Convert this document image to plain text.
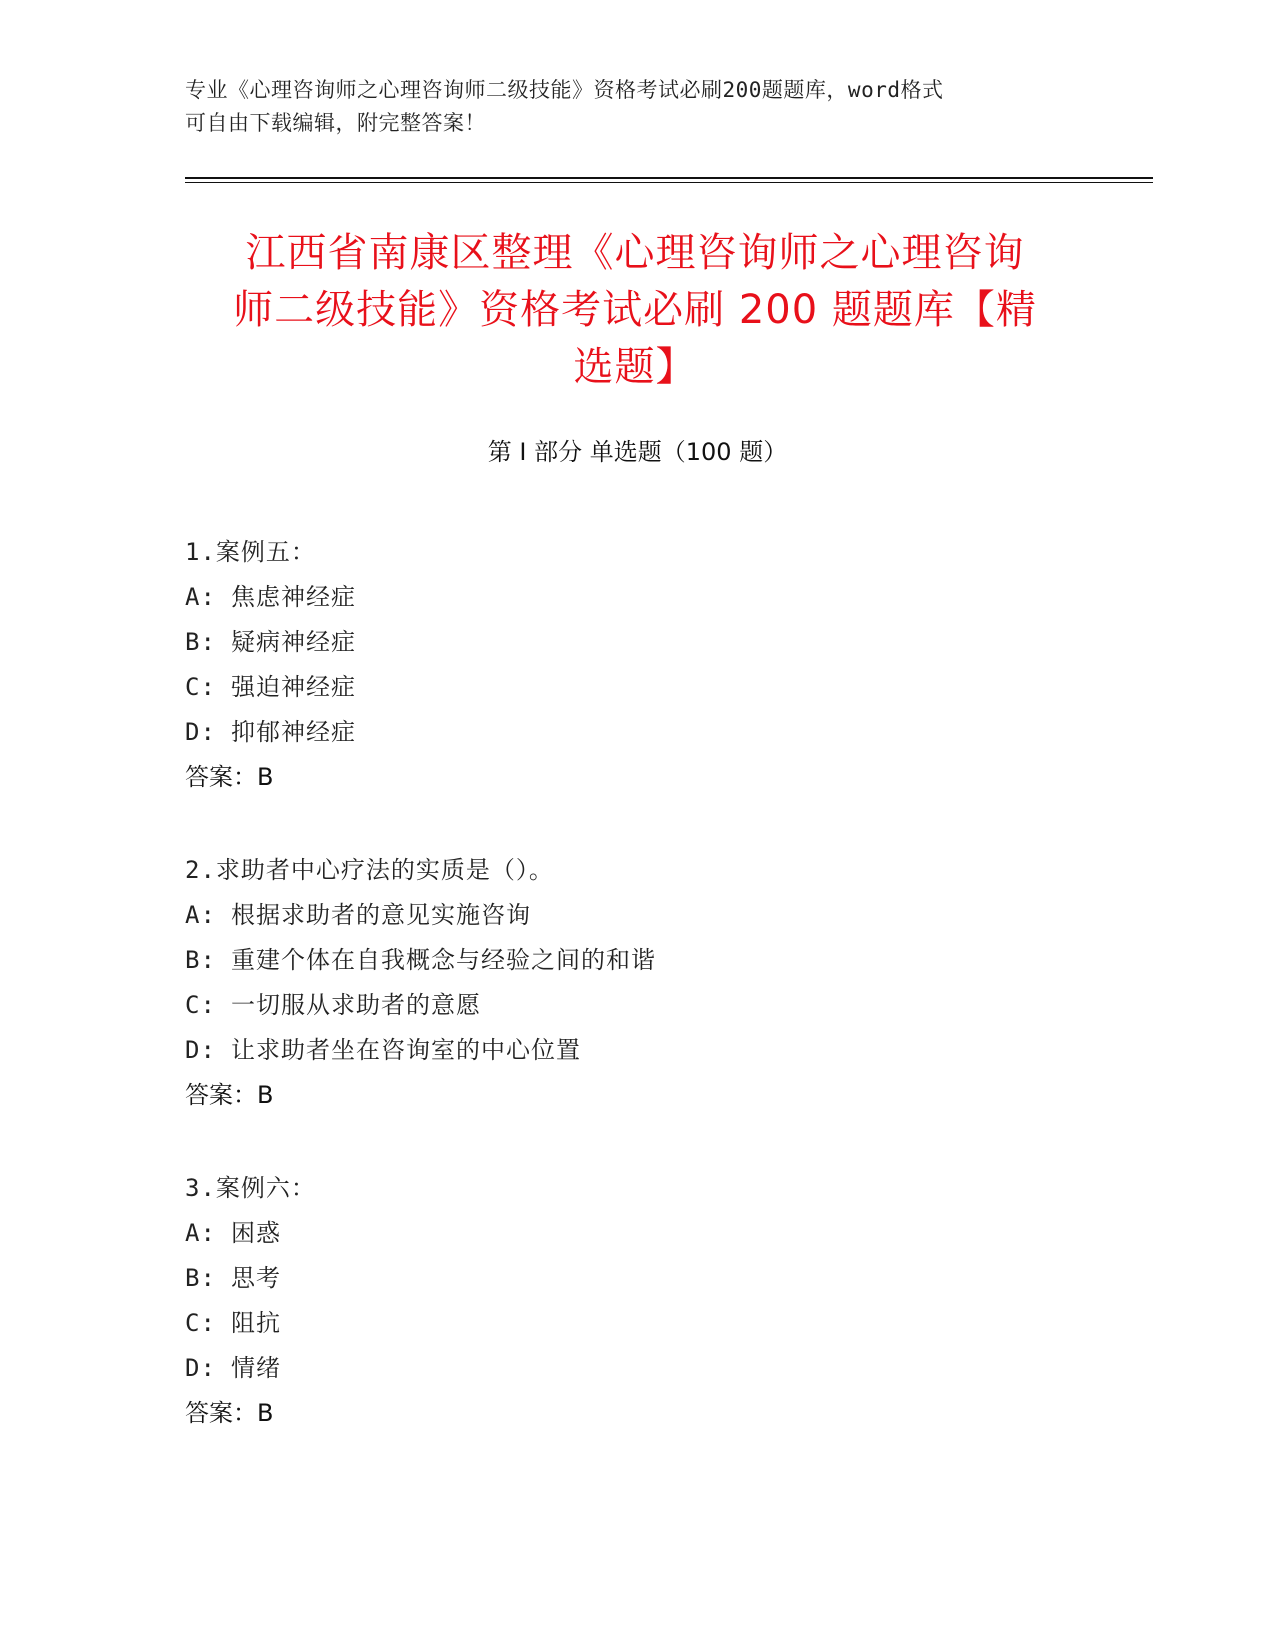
专业《心理咨询师之心理咨询师二级技能》资格考试必刷200题题库，word格式
可自由下载编辑，附完整答案！
江西省南康区整理《心理咨询师之心理咨询
师二级技能》资格考试必刷 200 题题库【精
选题】
第 I 部分 单选题（100 题）
1.案例五：
A: 焦虑神经症
B: 疑病神经症
C: 强迫神经症
D: 抑郁神经症
答案：B
2.求助者中心疗法的实质是（）。
A: 根据求助者的意见实施咨询
B: 重建个体在自我概念与经验之间的和谐
C: 一切服从求助者的意愿
D: 让求助者坐在咨询室的中心位置
答案：B
3.案例六：
A: 困惑
B: 思考
C: 阻抗
D: 情绪
答案：B
